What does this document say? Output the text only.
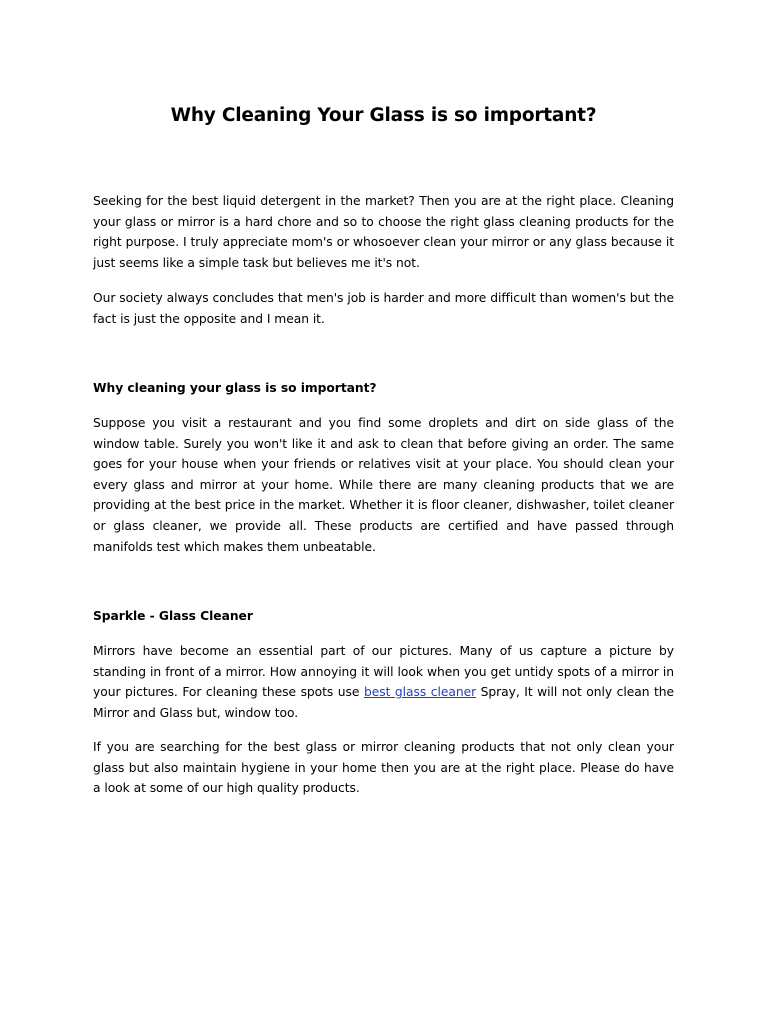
Why Cleaning Your Glass is so important?

Seeking for the best liquid detergent in the market? Then you are at the right place. Cleaning your glass or mirror is a hard chore and so to choose the right glass cleaning products for the right purpose. I truly appreciate mom's or whosoever clean your mirror or any glass because it just seems like a simple task but believes me it's not.

Our society always concludes that men's job is harder and more difficult than women's but the fact is just the opposite and I mean it.

Why cleaning your glass is so important?

Suppose you visit a restaurant and you find some droplets and dirt on side glass of the window table. Surely you won't like it and ask to clean that before giving an order. The same goes for your house when your friends or relatives visit at your place. You should clean your every glass and mirror at your home. While there are many cleaning products that we are providing at the best price in the market. Whether it is floor cleaner, dishwasher, toilet cleaner or glass cleaner, we provide all. These products are certified and have passed through manifolds test which makes them unbeatable.

Sparkle - Glass Cleaner

Mirrors have become an essential part of our pictures. Many of us capture a picture by standing in front of a mirror. How annoying it will look when you get untidy spots of a mirror in your pictures. For cleaning these spots use best glass cleaner Spray, It will not only clean the Mirror and Glass but, window too.

If you are searching for the best glass or mirror cleaning products that not only clean your glass but also maintain hygiene in your home then you are at the right place. Please do have a look at some of our high quality products.
